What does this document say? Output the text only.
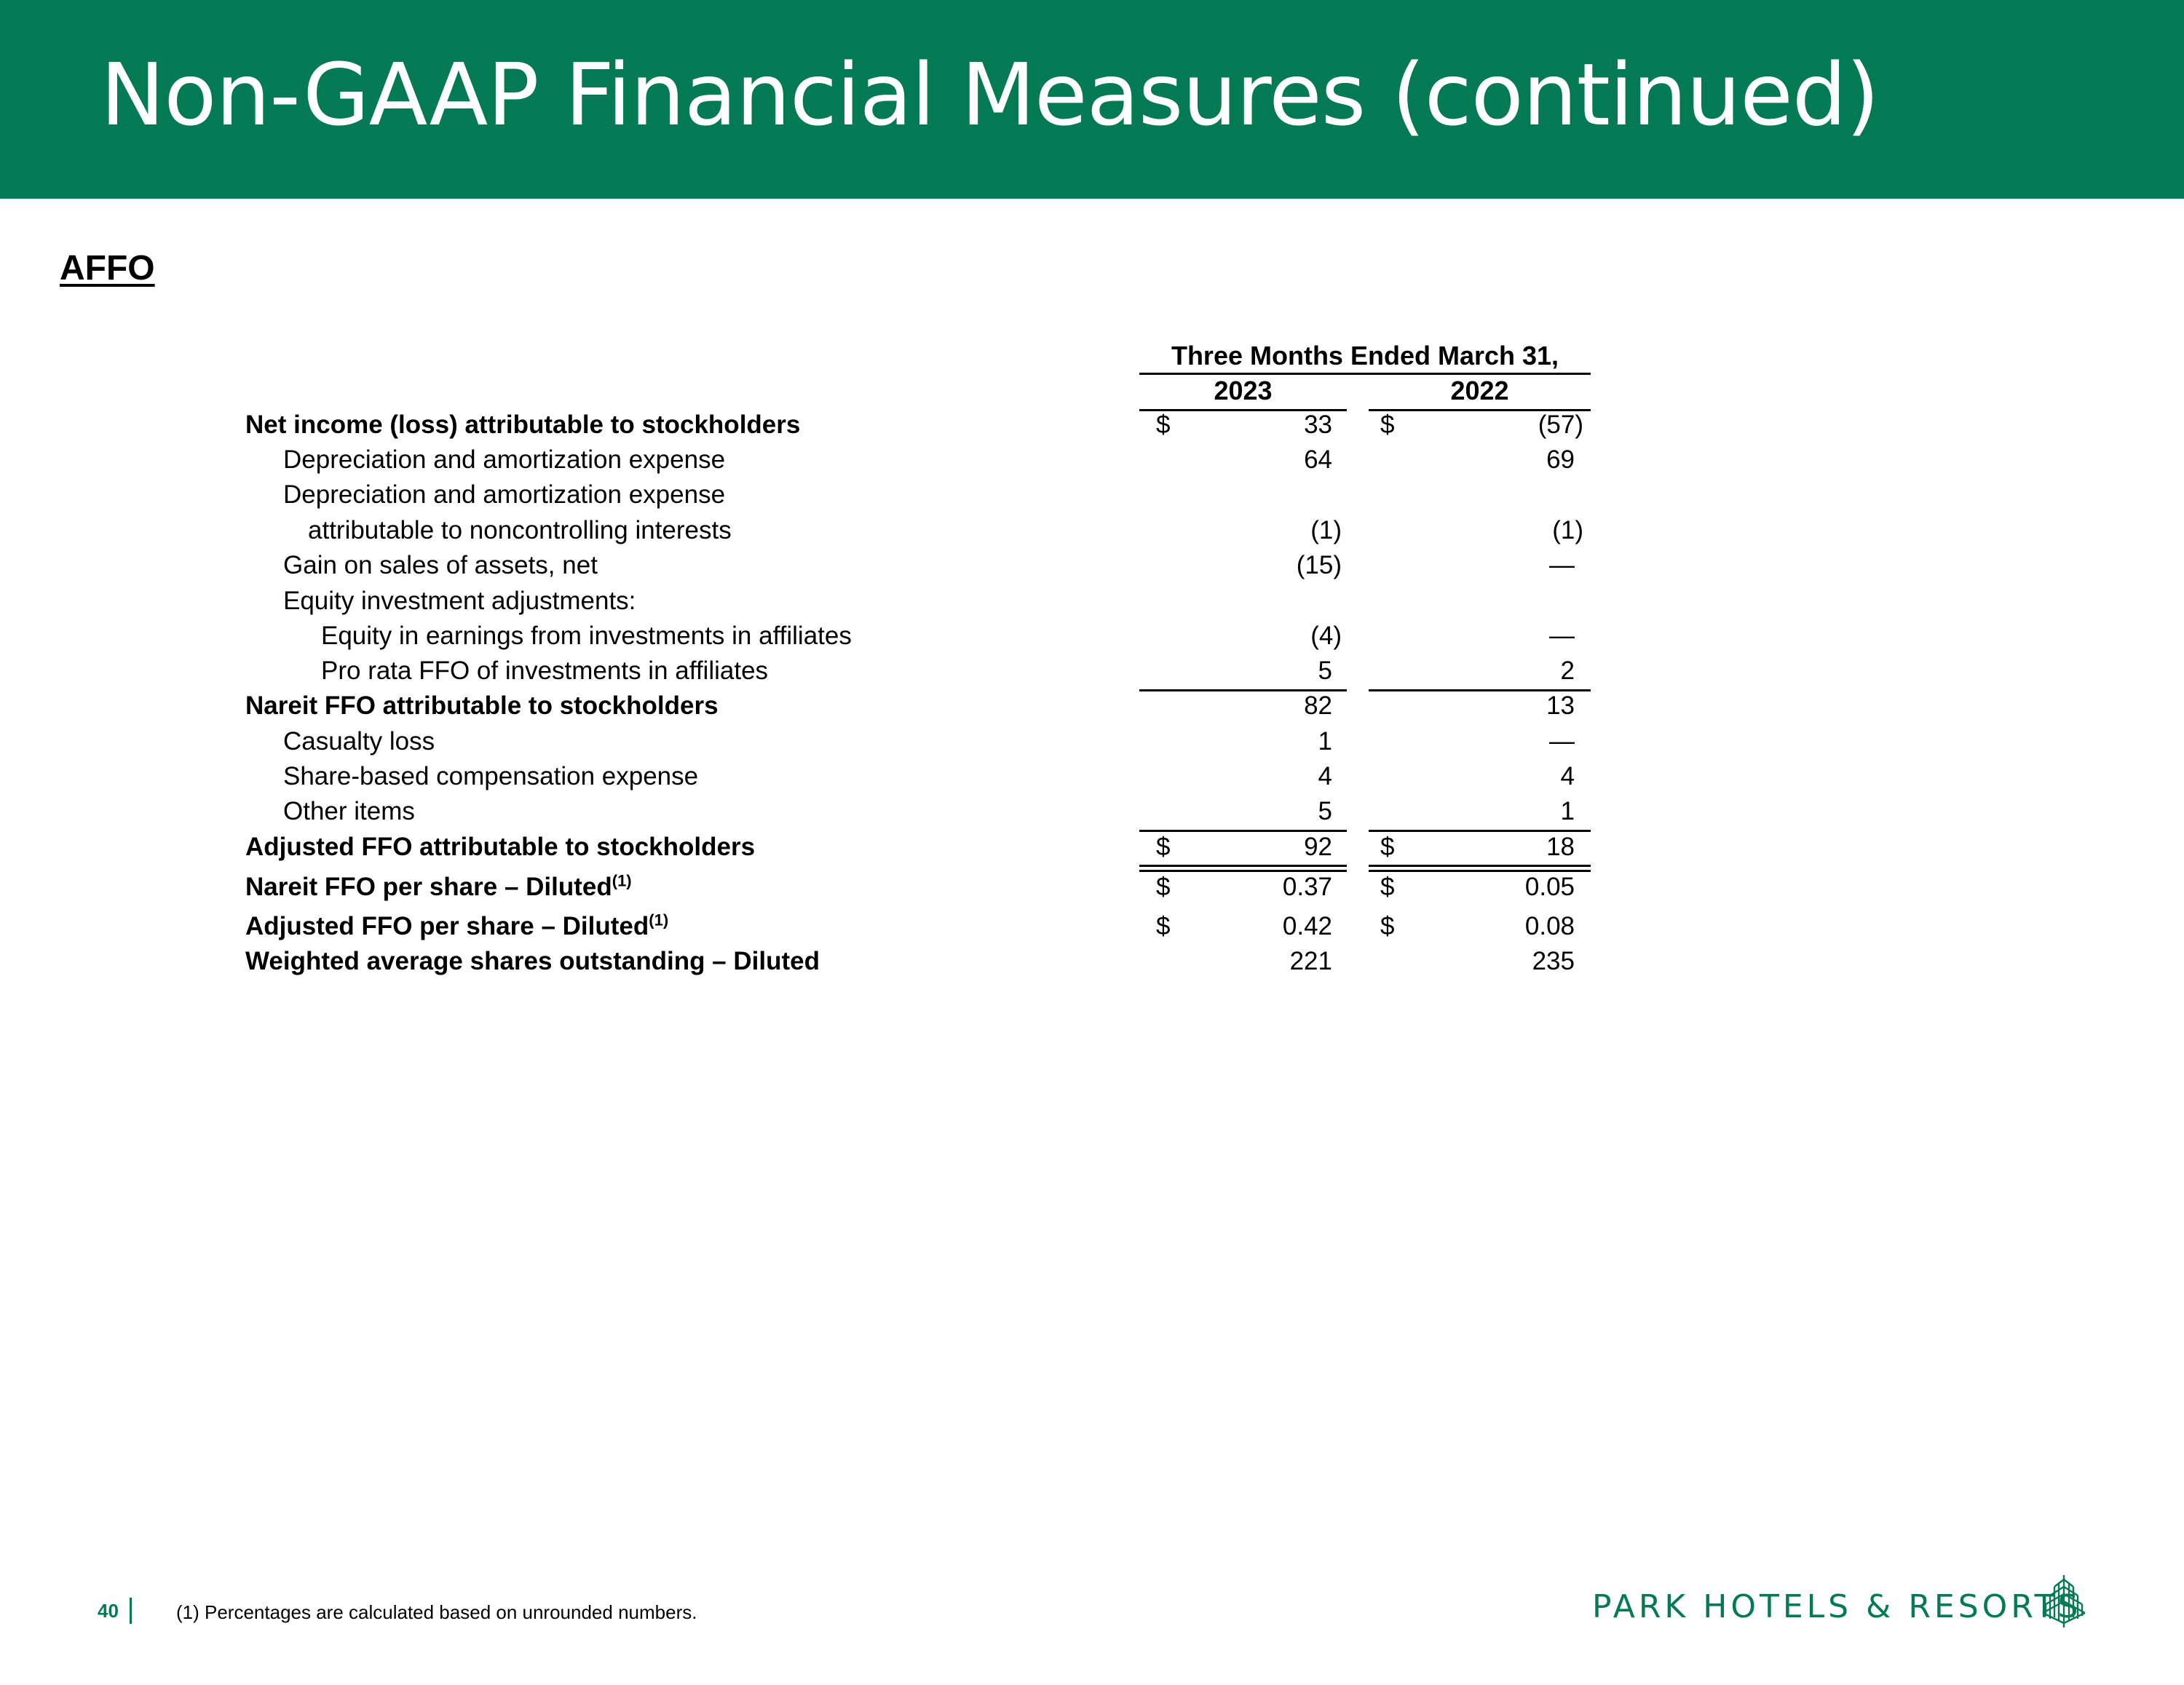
Non-GAAP Financial Measures (continued)
AFFO
Three Months Ended March 31,
2023	2022
Net income (loss) attributable to stockholders	$	33 $	(57)
Depreciation and amortization expense	64	69
Depreciation and amortization expense
attributable to noncontrolling interests	(1)	(1)
Gain on sales of assets, net	(15)	—
Equity investment adjustments:
Equity in earnings from investments in affiliates	(4)	—
Pro rata FFO of investments in affiliates	5	2
Nareit FFO attributable to stockholders	82	13
Casualty loss	1	—
Share-based compensation expense	4	4
Other items	5	1
Adjusted FFO attributable to stockholders	$	92 $	18
Nareit FFO per share – Diluted$^{(1)}$	$	0.37 $	0.05
Adjusted FFO per share – Diluted$^{(1)}$	$	0.42 $	0.08
Weighted average shares outstanding – Diluted	221	235
40	(1) Percentages are calculated based on unrounded numbers.	PARK HOTELS & RESORTS
